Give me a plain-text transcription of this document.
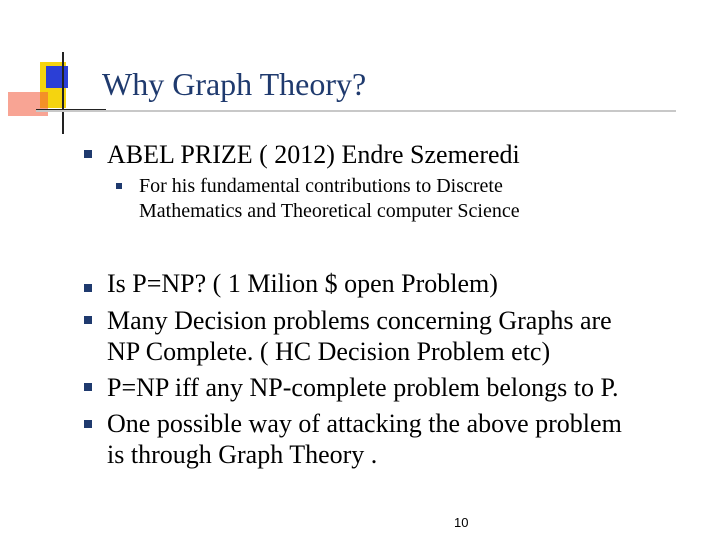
Why Graph Theory?
ABEL PRIZE ( 2012) Endre Szemeredi
For his fundamental contributions to Discrete
Mathematics and Theoretical computer Science
Is P=NP? ( 1 Milion $ open Problem)
Many Decision problems concerning Graphs are
NP Complete. ( HC Decision Problem etc)
P=NP iff any NP-complete problem belongs to P.
One possible way of attacking the above problem
is through Graph Theory .
10
